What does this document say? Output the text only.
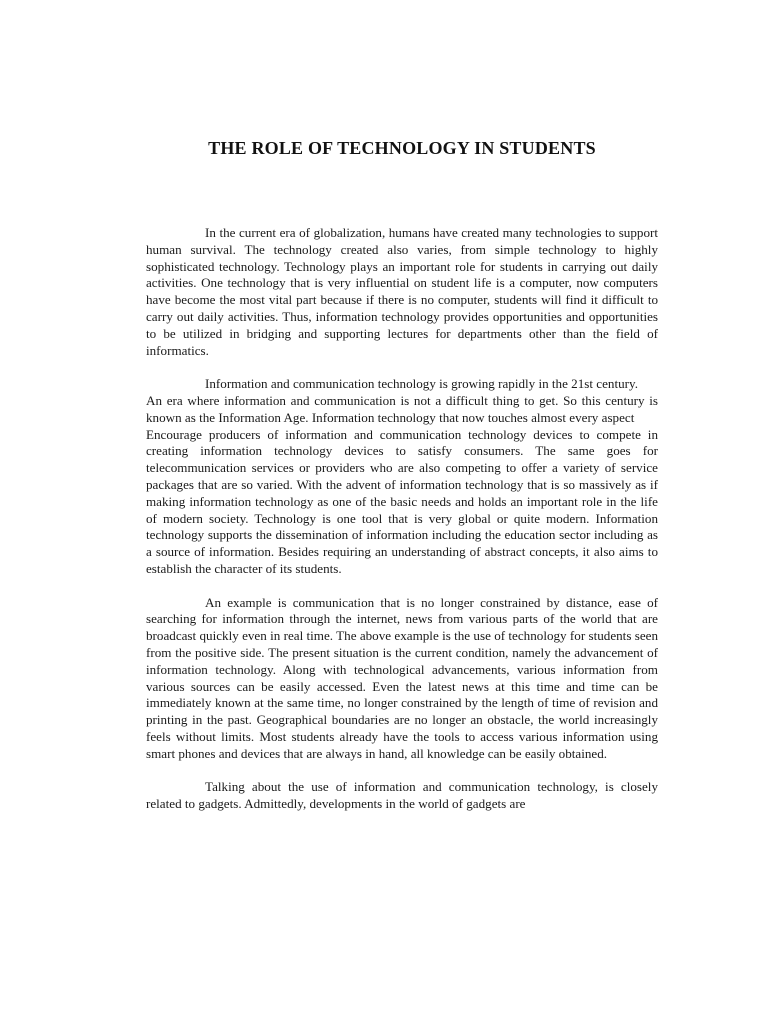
THE ROLE OF TECHNOLOGY IN STUDENTS

In the current era of globalization, humans have created many technologies to support human survival. The technology created also varies, from simple technology to highly sophisticated technology. Technology plays an important role for students in carrying out daily activities. One technology that is very influential on student life is a computer, now computers have become the most vital part because if there is no computer, students will find it difficult to carry out daily activities. Thus, information technology provides opportunities and opportunities to be utilized in bridging and supporting lectures for departments other than the field of informatics.

Information and communication technology is growing rapidly in the 21st century.

An era where information and communication is not a difficult thing to get. So this century is known as the Information Age. Information technology that now touches almost every aspect

Encourage producers of information and communication technology devices to compete in creating information technology devices to satisfy consumers. The same goes for telecommunication services or providers who are also competing to offer a variety of service packages that are so varied. With the advent of information technology that is so massively as if making information technology as one of the basic needs and holds an important role in the life of modern society. Technology is one tool that is very global or quite modern. Information technology supports the dissemination of information including the education sector including as a source of information. Besides requiring an understanding of abstract concepts, it also aims to establish the character of its students.

An example is communication that is no longer constrained by distance, ease of searching for information through the internet, news from various parts of the world that are broadcast quickly even in real time. The above example is the use of technology for students seen from the positive side. The present situation is the current condition, namely the advancement of information technology. Along with technological advancements, various information from various sources can be easily accessed. Even the latest news at this time and time can be immediately known at the same time, no longer constrained by the length of time of revision and printing in the past. Geographical boundaries are no longer an obstacle, the world increasingly feels without limits. Most students already have the tools to access various information using smart phones and devices that are always in hand, all knowledge can be easily obtained.

Talking about the use of information and communication technology, is closely related to gadgets. Admittedly, developments in the world of gadgets are
